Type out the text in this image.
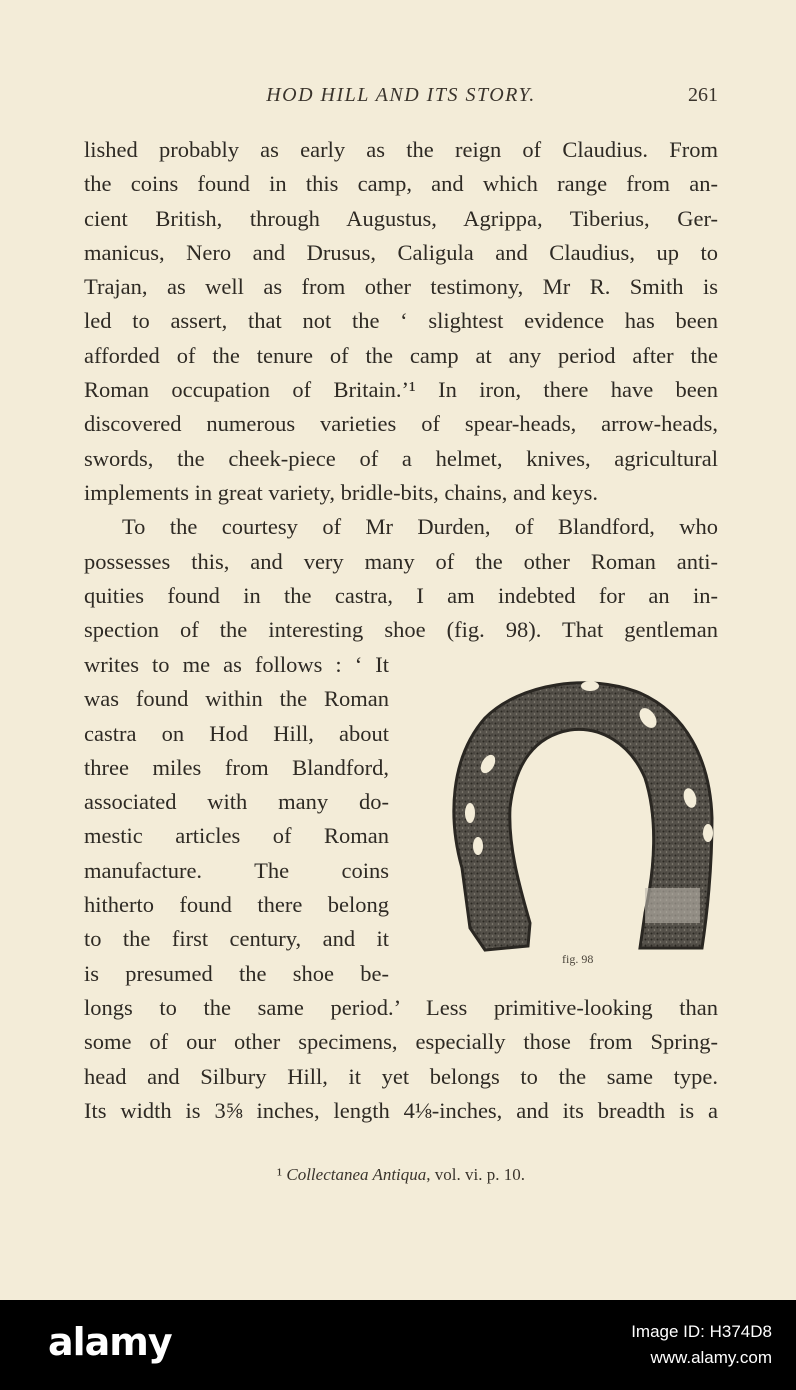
HOD HILL AND ITS STORY.	261
lished probably as early as the reign of Claudius. From
the coins found in this camp, and which range from an-
cient British, through Augustus, Agrippa, Tiberius, Ger-
manicus, Nero and Drusus, Caligula and Claudius, up to
Trajan, as well as from other testimony, Mr R. Smith is
led to assert, that not the ‘ slightest evidence has been
afforded of the tenure of the camp at any period after the
Roman occupation of Britain.’¹ In iron, there have been
discovered numerous varieties of spear-heads, arrow-heads,
swords, the cheek-piece of a helmet, knives, agricultural
implements in great variety, bridle-bits, chains, and keys.
To the courtesy of Mr Durden, of Blandford, who
possesses this, and very many of the other Roman anti-
quities found in the castra, I am indebted for an in-
spection of the interesting shoe (fig. 98). That gentleman
writes to me as follows : ‘ It
was found within the Roman
castra on Hod Hill, about
three miles from Blandford,
associated with many do-
mestic articles of Roman
manufacture. The coins
hitherto found there belong
to the first century, and it
is presumed the shoe be-
fig. 98
longs to the same period.’ Less primitive-looking than
some of our other specimens, especially those from Spring-
head and Silbury Hill, it yet belongs to the same type.
Its width is 3⅝ inches, length 4⅛-inches, and its breadth is a
¹ Collectanea Antiqua, vol. vi. p. 10.
alamy	Image ID: H374D8
www.alamy.com
